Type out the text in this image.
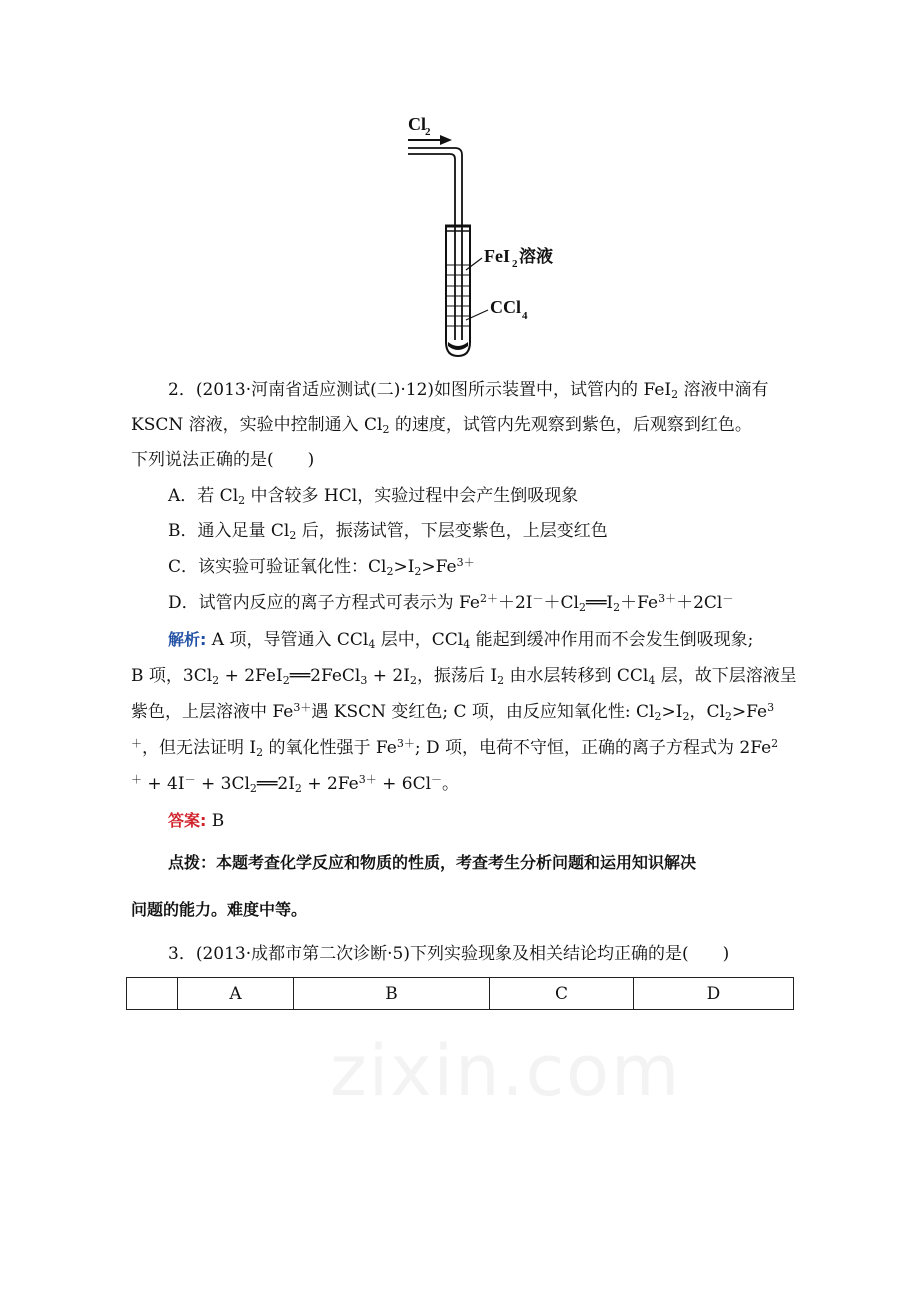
Cl 2
FeI 2 溶液
CCl 4
2．(2013·河南省适应测试(二)·12)如图所示装置中，试管内的 FeI$_2$ 溶液中滴有
KSCN 溶液，实验中控制通入 $Cl_2$ 的速度，试管内先观察到紫色，后观察到红色。
下列说法正确的是(　　)
A．若 $Cl_2$ 中含较多 HCl，实验过程中会产生倒吸现象
B．通入足量 $Cl_2$ 后，振荡试管，下层变紫色，上层变红色
C．该实验可验证氧化性：$Cl_2>I_2>Fe^{3+}$
D．试管内反应的离子方程式可表示为 $Fe^{2+}+2I^-+Cl_2══I_2+Fe^{3+}+2Cl^-$
解析: A 项，导管通入 CCl$_4$ 层中，CCl$_4$ 能起到缓冲作用而不会发生倒吸现象;
B 项，$3Cl_2$ + 2FeI$_2$══2FeCl$_3$ + $2I_2$，振荡后 $I_2$ 由水层转移到 CCl$_4$ 层，故下层溶液呈
紫色，上层溶液中 $Fe^{3+}$遇 KSCN 变红色; C 项，由反应知氧化性: $Cl_2>I_2$，$Cl_2>Fe^3$
＋，但无法证明 $I_2$ 的氧化性强于 $Fe^{3+}$; D 项，电荷不守恒，正确的离子方程式为 2Fe$^2$
$^+ + 4I^- + 3Cl_2══2I_2 + 2Fe^{3+} + 6Cl^-$。
答案: B
点拨：本题考查化学反应和物质的性质，考查考生分析问题和运用知识解决
问题的能力。难度中等。
3．(2013·成都市第二次诊断·5)下列实验现象及相关结论均正确的是(　　)
	A	B	C	D
zixin.com
